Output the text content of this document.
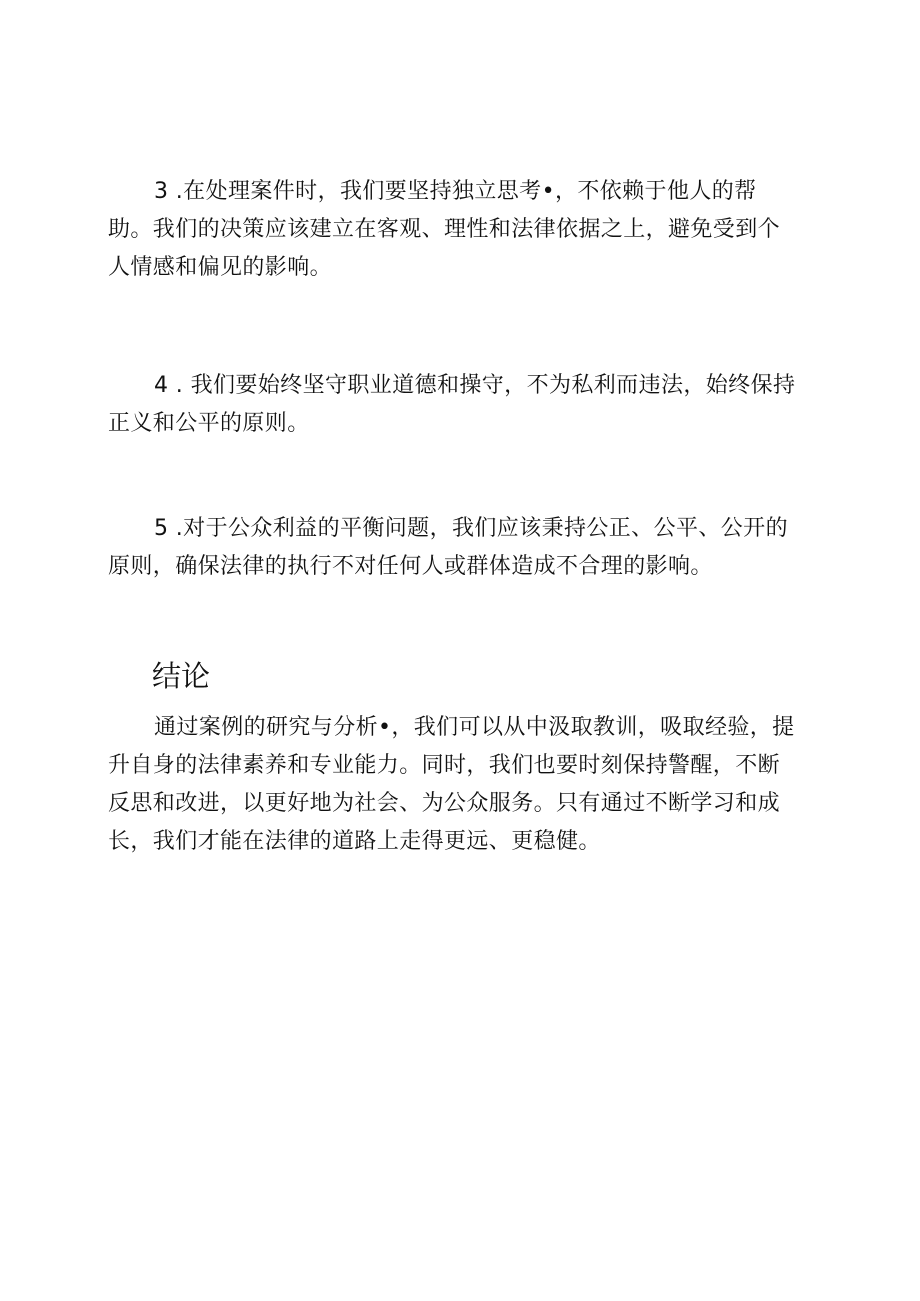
3 .在处理案件时，我们要坚持独立思考•，不依赖于他人的帮
助。我们的决策应该建立在客观、理性和法律依据之上，避免受到个
人情感和偏见的影响。

4 . 我们要始终坚守职业道德和操守，不为私利而违法，始终保持
正义和公平的原则。

5 .对于公众利益的平衡问题，我们应该秉持公正、公平、公开的
原则，确保法律的执行不对任何人或群体造成不合理的影响。

结论

通过案例的研究与分析•，我们可以从中汲取教训，吸取经验，提
升自身的法律素养和专业能力。同时，我们也要时刻保持警醒，不断
反思和改进，以更好地为社会、为公众服务。只有通过不断学习和成
长，我们才能在法律的道路上走得更远、更稳健。
